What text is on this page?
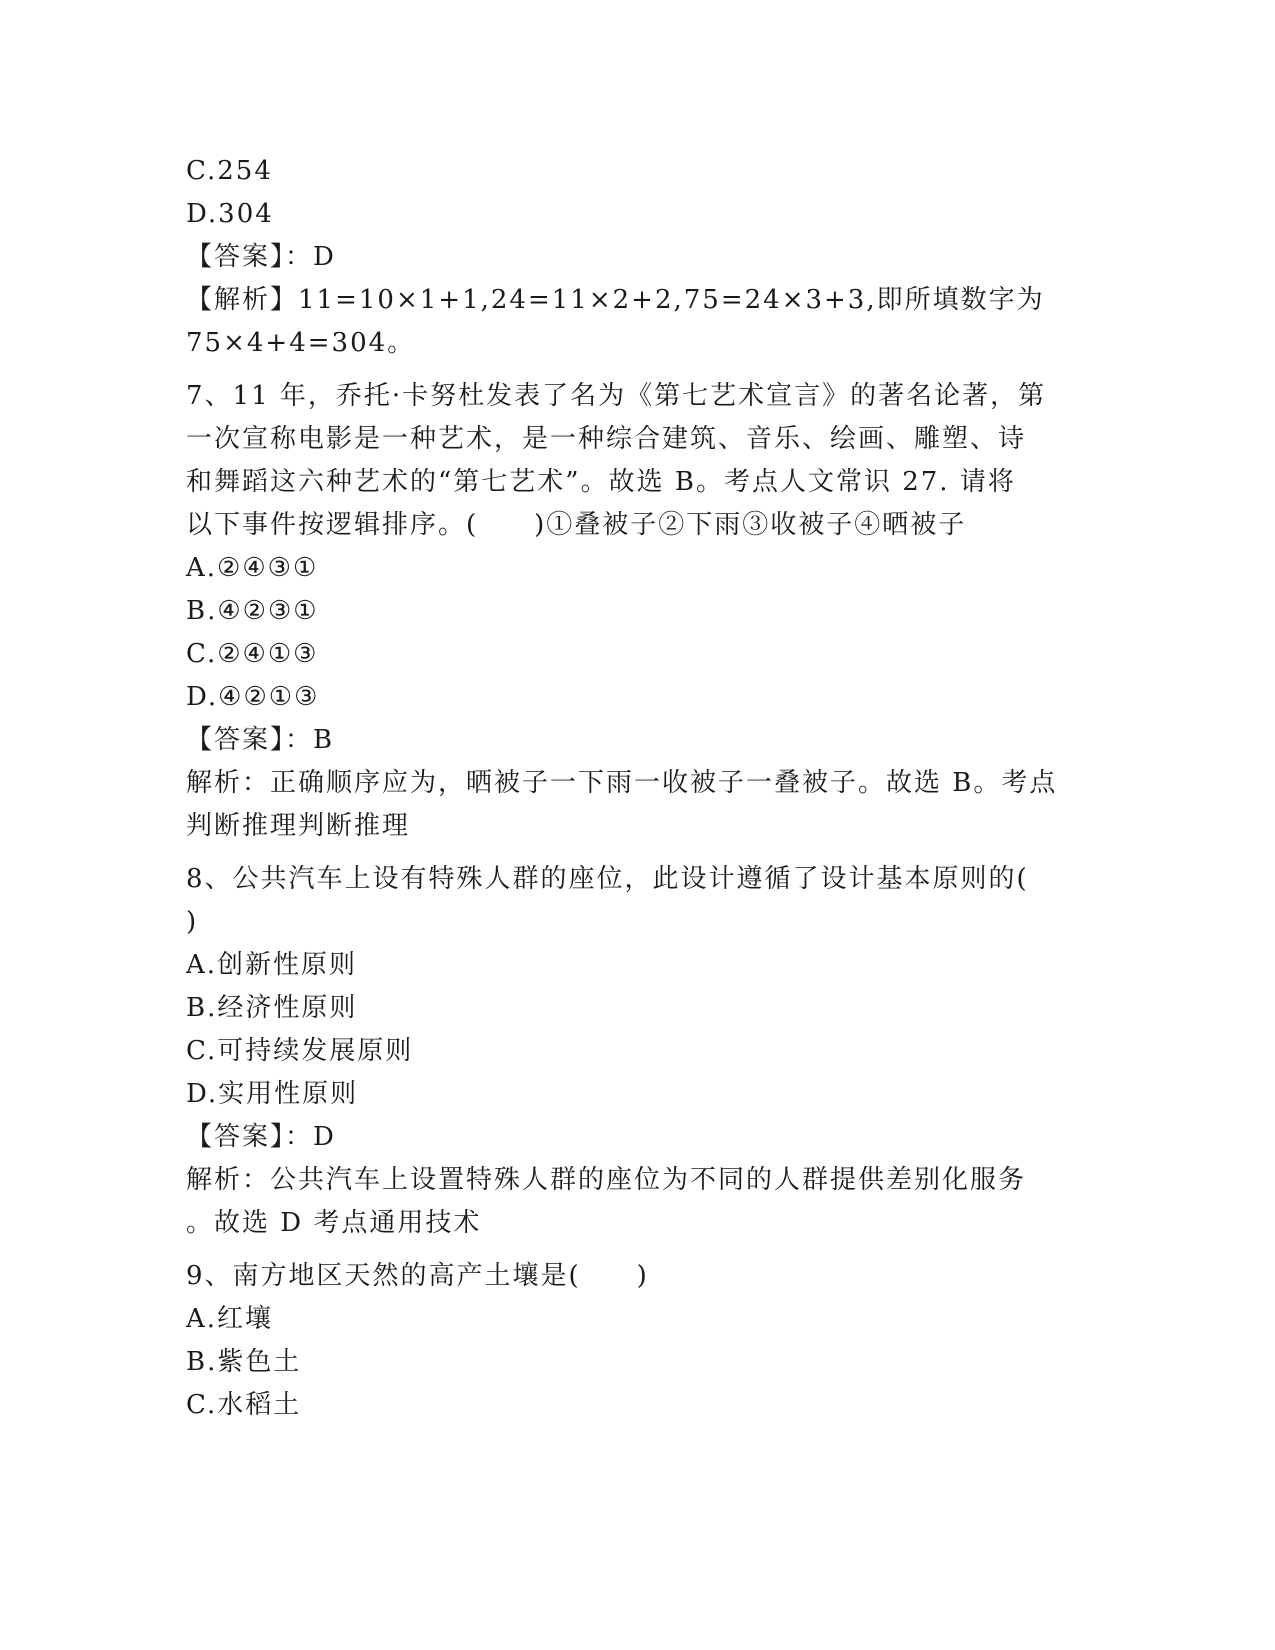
C.254
D.304
【答案】：D
【解析】11=10×1+1,24=11×2+2,75=24×3+3,即所填数字为
75×4+4=304。
7、11 年，乔托·卡努杜发表了名为《第七艺术宣言》的著名论著，第
一次宣称电影是一种艺术，是一种综合建筑、音乐、绘画、雕塑、诗
和舞蹈这六种艺术的“第七艺术”。故选 B。考点人文常识 27. 请将
以下事件按逻辑排序。(　　)①叠被子②下雨③收被子④晒被子
A.②④③①
B.④②③①
C.②④①③
D.④②①③
【答案】：B
解析：正确顺序应为，晒被子一下雨一收被子一叠被子。故选 B。考点
判断推理判断推理
8、公共汽车上设有特殊人群的座位，此设计遵循了设计基本原则的(
)
A.创新性原则
B.经济性原则
C.可持续发展原则
D.实用性原则
【答案】：D
解析：公共汽车上设置特殊人群的座位为不同的人群提供差别化服务
。故选 D 考点通用技术
9、南方地区天然的高产土壤是(　　)
A.红壤
B.紫色土
C.水稻土
